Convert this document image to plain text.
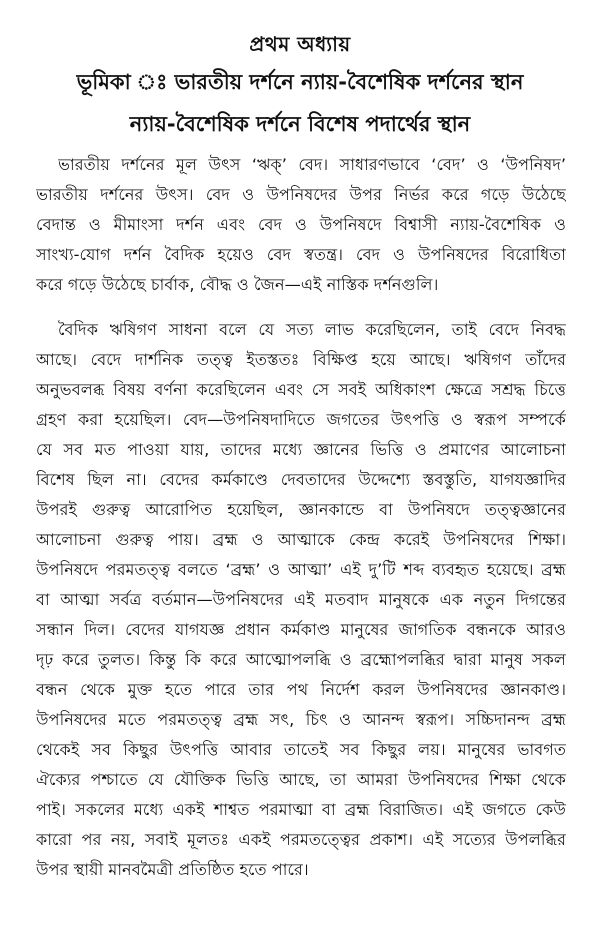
প্রথম অধ্যায়
ভূমিকা ঃ ভারতীয় দর্শনে ন্যায়-বৈশেষিক দর্শনের স্থান
ন্যায়-বৈশেষিক দর্শনে বিশেষ পদার্থের স্থান
ভারতীয় দর্শনের মূল উৎস ‘ঋক্’ বেদ। সাধারণভাবে ‘বেদ’ ও ‘উপনিষদ’
ভারতীয় দর্শনের উৎস। বেদ ও উপনিষদের উপর নির্ভর করে গড়ে উঠেছে
বেদান্ত ও মীমাংসা দর্শন এবং বেদ ও উপনিষদে বিশ্বাসী ন্যায়-বৈশেষিক ও
সাংখ্য-যোগ দর্শন বৈদিক হয়েও বেদ স্বতন্ত্র। বেদ ও উপনিষদের বিরোধিতা
করে গড়ে উঠেছে চার্বাক, বৌদ্ধ ও জৈন—এই নাস্তিক দর্শনগুলি।
বৈদিক ঋষিগণ সাধনা বলে যে সত্য লাভ করেছিলেন, তাই বেদে নিবদ্ধ
আছে। বেদে দার্শনিক তত্ত্ব ইতস্ততঃ বিক্ষিপ্ত হয়ে আছে। ঋষিগণ তাঁদের
অনুভবলব্ধ বিষয় বর্ণনা করেছিলেন এবং সে সবই অধিকাংশ ক্ষেত্রে সশ্রদ্ধ চিত্তে
গ্রহণ করা হয়েছিল। বেদ—উপনিষদাদিতে জগতের উৎপত্তি ও স্বরূপ সম্পর্কে
যে সব মত পাওয়া যায়, তাদের মধ্যে জ্ঞানের ভিত্তি ও প্রমাণের আলোচনা
বিশেষ ছিল না। বেদের কর্মকাণ্ডে দেবতাদের উদ্দেশ্যে স্তবস্তুতি, যাগযজ্ঞাদির
উপরই গুরুত্ব আরোপিত হয়েছিল, জ্ঞানকান্ডে বা উপনিষদে তত্ত্বজ্ঞানের
আলোচনা গুরুত্ব পায়। ব্রহ্ম ও আত্মাকে কেন্দ্র করেই উপনিষদের শিক্ষা।
উপনিষদে পরমতত্ত্ব বলতে ‘ব্রহ্ম’ ও আত্মা’ এই দু’টি শব্দ ব্যবহৃত হয়েছে। ব্রহ্ম
বা আত্মা সর্বত্র বর্তমান—উপনিষদের এই মতবাদ মানুষকে এক নতুন দিগন্তের
সন্ধান দিল। বেদের যাগযজ্ঞ প্রধান কর্মকাণ্ড মানুষের জাগতিক বন্ধনকে আরও
দৃঢ় করে তুলত। কিন্তু কি করে আত্মোপলব্ধি ও ব্রহ্মোপলব্ধির দ্বারা মানুষ সকল
বন্ধন থেকে মুক্ত হতে পারে তার পথ নির্দেশ করল উপনিষদের জ্ঞানকাণ্ড।
উপনিষদের মতে পরমতত্ত্ব ব্রহ্ম সৎ, চিৎ ও আনন্দ স্বরূপ। সচ্চিদানন্দ ব্রহ্ম
থেকেই সব কিছুর উৎপত্তি আবার তাতেই সব কিছুর লয়। মানুষের ভাবগত
ঐক্যের পশ্চাতে যে যৌক্তিক ভিত্তি আছে, তা আমরা উপনিষদের শিক্ষা থেকে
পাই। সকলের মধ্যে একই শাশ্বত পরমাত্মা বা ব্রহ্ম বিরাজিত। এই জগতে কেউ
কারো পর নয়, সবাই মূলতঃ একই পরমতত্ত্বের প্রকাশ। এই সত্যের উপলব্ধির
উপর স্থায়ী মানবমৈত্রী প্রতিষ্ঠিত হতে পারে।
